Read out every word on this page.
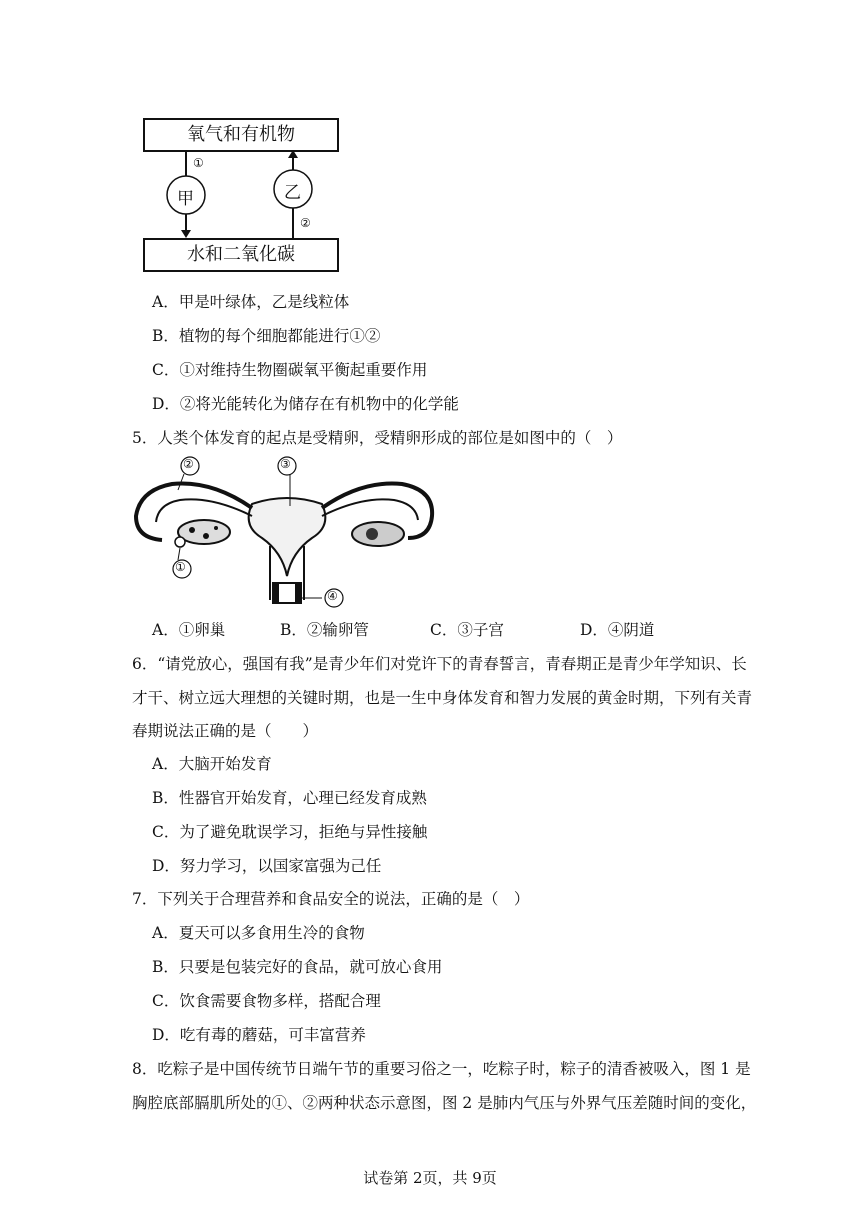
氧气和有机物
水和二氧化碳
甲	乙
①
②
A．甲是叶绿体，乙是线粒体
B．植物的每个细胞都能进行①②
C．①对维持生物圈碳氧平衡起重要作用
D．②将光能转化为储存在有机物中的化学能
5．人类个体发育的起点是受精卵，受精卵形成的部位是如图中的（　）
①
②	③
④
A．①卵巢	B．②输卵管	C．③子宫	D．④阴道
6．“请党放心，强国有我”是青少年们对党许下的青春誓言，青春期正是青少年学知识、长
才干、树立远大理想的关键时期，也是一生中身体发育和智力发展的黄金时期，下列有关青
春期说法正确的是（　　）
A．大脑开始发育
B．性器官开始发育，心理已经发育成熟
C．为了避免耽误学习，拒绝与异性接触
D．努力学习，以国家富强为己任
7．下列关于合理营养和食品安全的说法，正确的是（　）
A．夏天可以多食用生冷的食物
B．只要是包装完好的食品，就可放心食用
C．饮食需要食物多样，搭配合理
D．吃有毒的蘑菇，可丰富营养
8．吃粽子是中国传统节日端午节的重要习俗之一，吃粽子时，粽子的清香被吸入，图 1 是
胸腔底部膈肌所处的①、②两种状态示意图，图 2 是肺内气压与外界气压差随时间的变化，
试卷第 2页，共 9页
